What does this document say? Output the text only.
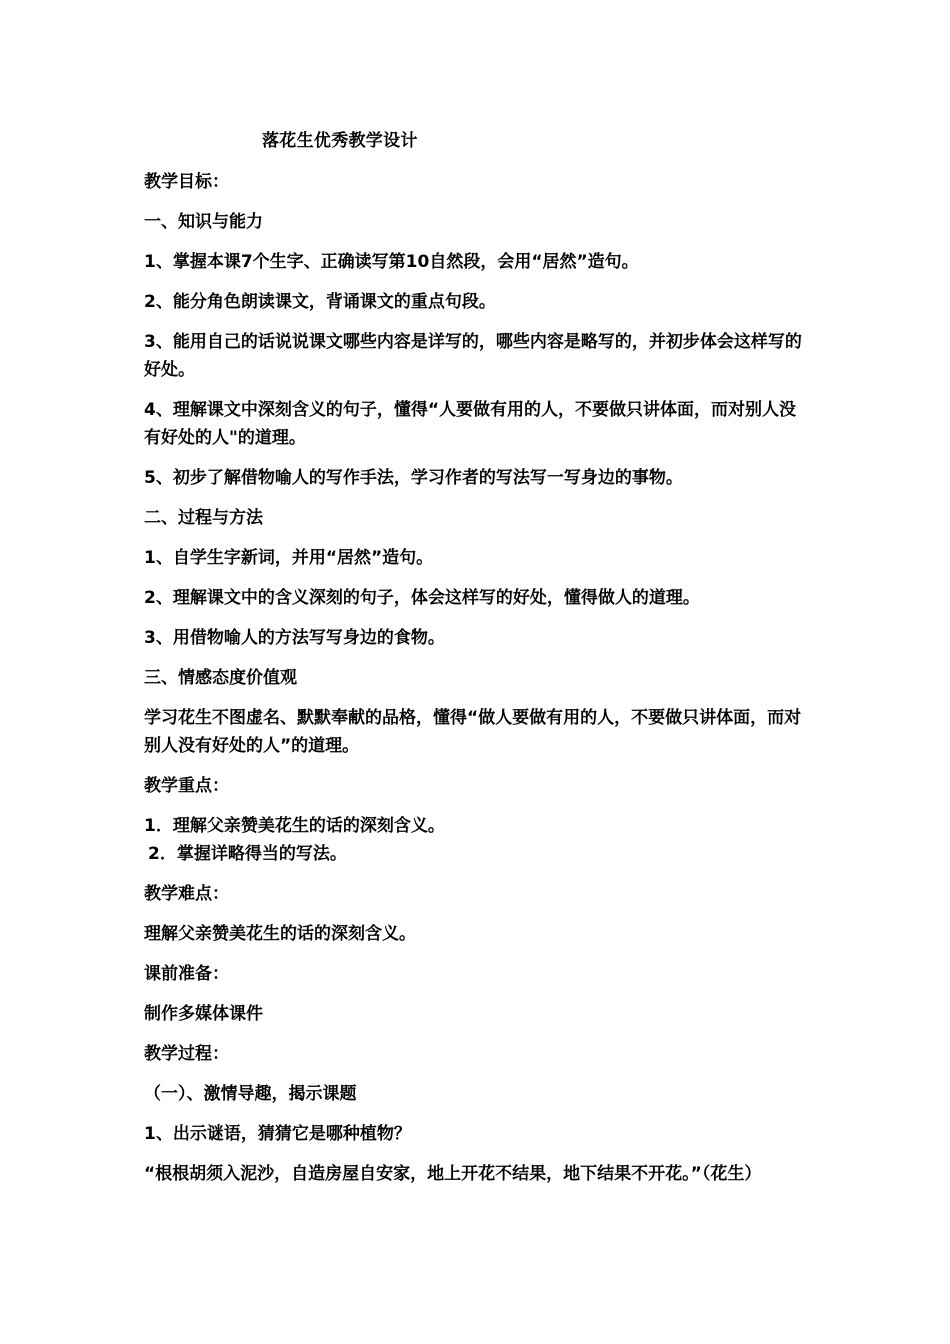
落花生优秀教学设计

教学目标：

一、知识与能力

1、掌握本课7个生字、正确读写第10自然段，会用“居然”造句。

2、能分角色朗读课文，背诵课文的重点句段。

3、能用自己的话说说课文哪些内容是详写的，哪些内容是略写的，并初步体会这样写的好处。

4、理解课文中深刻含义的句子，懂得“人要做有用的人，不要做只讲体面，而对别人没有好处的人"的道理。

5、初步了解借物喻人的写作手法，学习作者的写法写一写身边的事物。

二、过程与方法

1、自学生字新词，并用“居然”造句。

2、理解课文中的含义深刻的句子，体会这样写的好处，懂得做人的道理。

3、用借物喻人的方法写写身边的食物。

三、情感态度价值观

学习花生不图虚名、默默奉献的品格，懂得“做人要做有用的人，不要做只讲体面，而对别人没有好处的人”的道理。

教学重点：

1．理解父亲赞美花生的话的深刻含义。

2．掌握详略得当的写法。

教学难点：

理解父亲赞美花生的话的深刻含义。

课前准备：

制作多媒体课件

教学过程：

（一）、激情导趣，揭示课题

1、出示谜语，猜猜它是哪种植物？

“根根胡须入泥沙，自造房屋自安家，地上开花不结果，地下结果不开花。”（花生）
